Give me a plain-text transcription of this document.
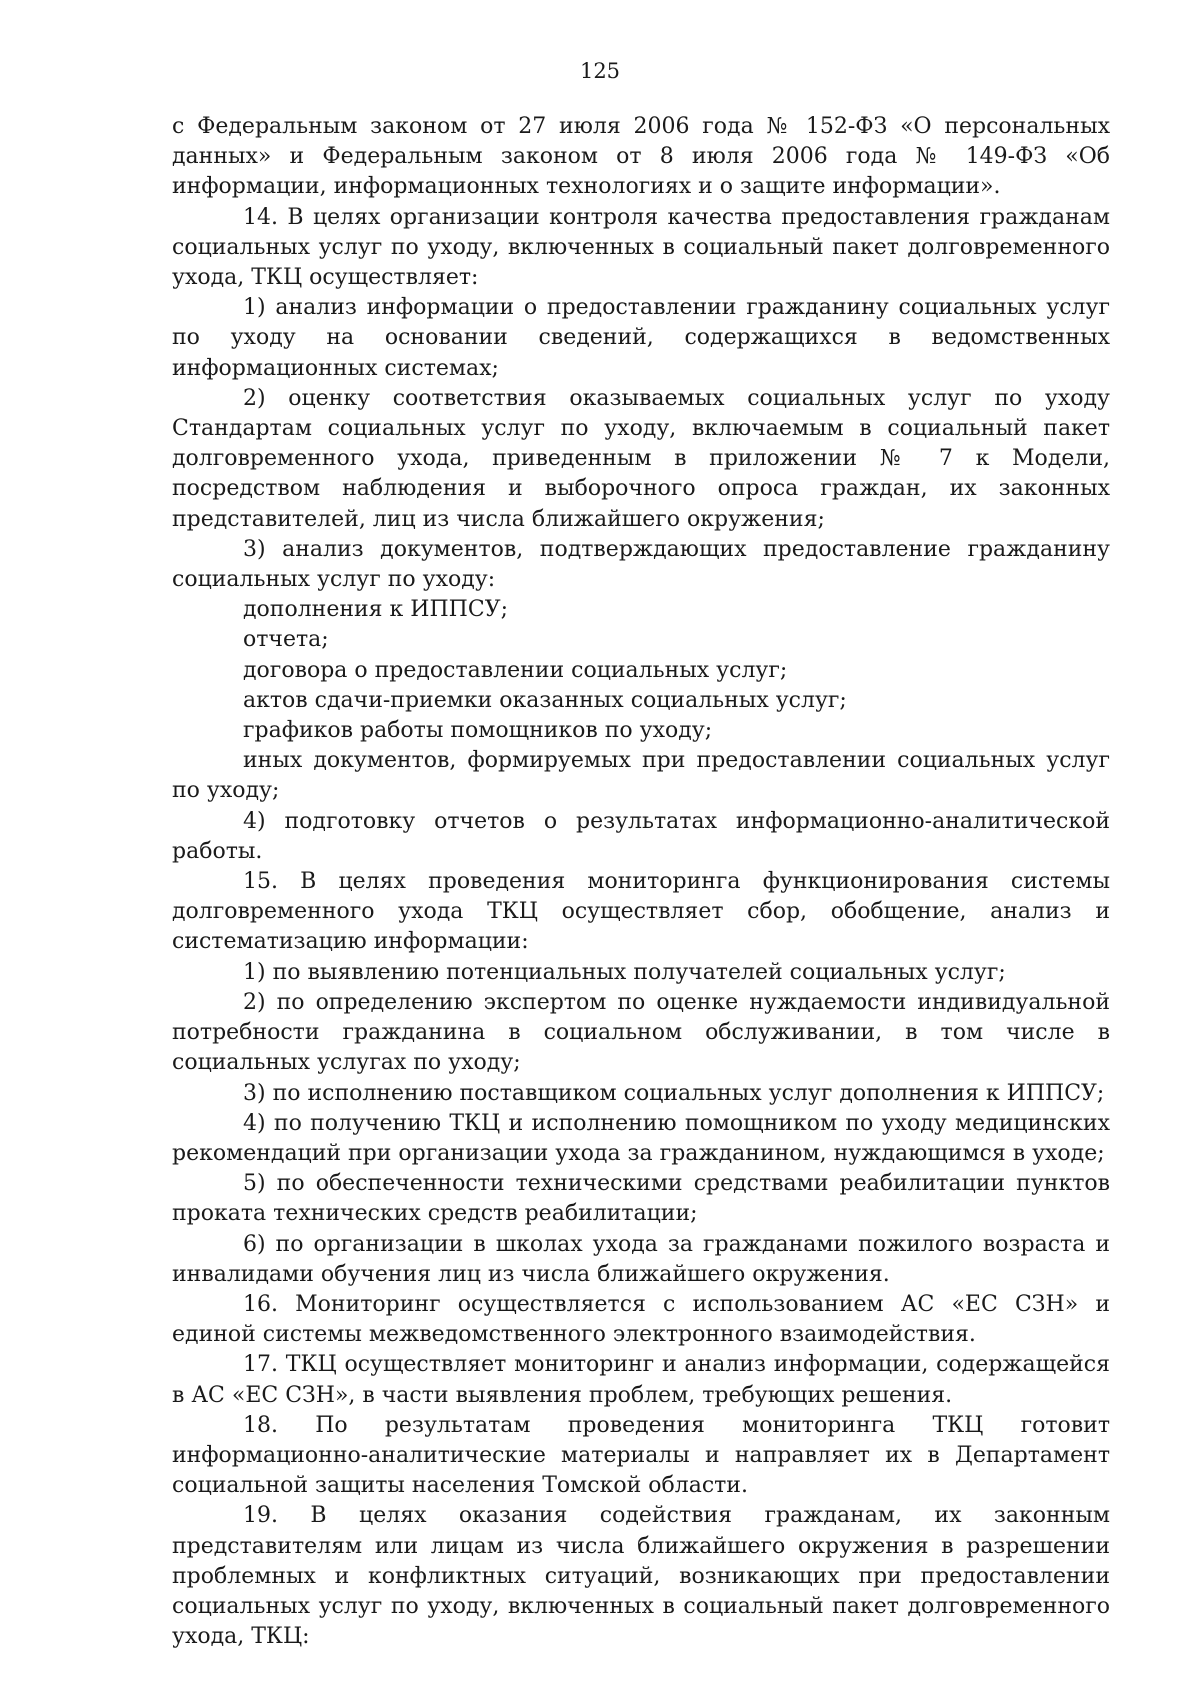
125

с Федеральным законом от 27 июля 2006 года № 152-ФЗ «О персональных данных» и Федеральным законом от 8 июля 2006 года № 149-ФЗ «Об информации, информационных технологиях и о защите информации».

14. В целях организации контроля качества предоставления гражданам социальных услуг по уходу, включенных в социальный пакет долговременного ухода, ТКЦ осуществляет:

1) анализ информации о предоставлении гражданину социальных услуг по уходу на основании сведений, содержащихся в ведомственных информационных системах;

2) оценку соответствия оказываемых социальных услуг по уходу Стандартам социальных услуг по уходу, включаемым в социальный пакет долговременного ухода, приведенным в приложении № 7 к Модели, посредством наблюдения и выборочного опроса граждан, их законных представителей, лиц из числа ближайшего окружения;

3) анализ документов, подтверждающих предоставление гражданину социальных услуг по уходу:

дополнения к ИППСУ;

отчета;

договора о предоставлении социальных услуг;

актов сдачи-приемки оказанных социальных услуг;

графиков работы помощников по уходу;

иных документов, формируемых при предоставлении социальных услуг по уходу;

4) подготовку отчетов о результатах информационно-аналитической работы.

15. В целях проведения мониторинга функционирования системы долговременного ухода ТКЦ осуществляет сбор, обобщение, анализ и систематизацию информации:

1) по выявлению потенциальных получателей социальных услуг;

2) по определению экспертом по оценке нуждаемости индивидуальной потребности гражданина в социальном обслуживании, в том числе в социальных услугах по уходу;

3) по исполнению поставщиком социальных услуг дополнения к ИППСУ;

4) по получению ТКЦ и исполнению помощником по уходу медицинских рекомендаций при организации ухода за гражданином, нуждающимся в уходе;

5) по обеспеченности техническими средствами реабилитации пунктов проката технических средств реабилитации;

6) по организации в школах ухода за гражданами пожилого возраста и инвалидами обучения лиц из числа ближайшего окружения.

16. Мониторинг осуществляется с использованием АС «ЕС СЗН» и единой системы межведомственного электронного взаимодействия.

17. ТКЦ осуществляет мониторинг и анализ информации, содержащейся в АС «ЕС СЗН», в части выявления проблем, требующих решения.

18. По результатам проведения мониторинга ТКЦ готовит информационно-аналитические материалы и направляет их в Департамент социальной защиты населения Томской области.

19. В целях оказания содействия гражданам, их законным представителям или лицам из числа ближайшего окружения в разрешении проблемных и конфликтных ситуаций, возникающих при предоставлении социальных услуг по уходу, включенных в социальный пакет долговременного ухода, ТКЦ:
